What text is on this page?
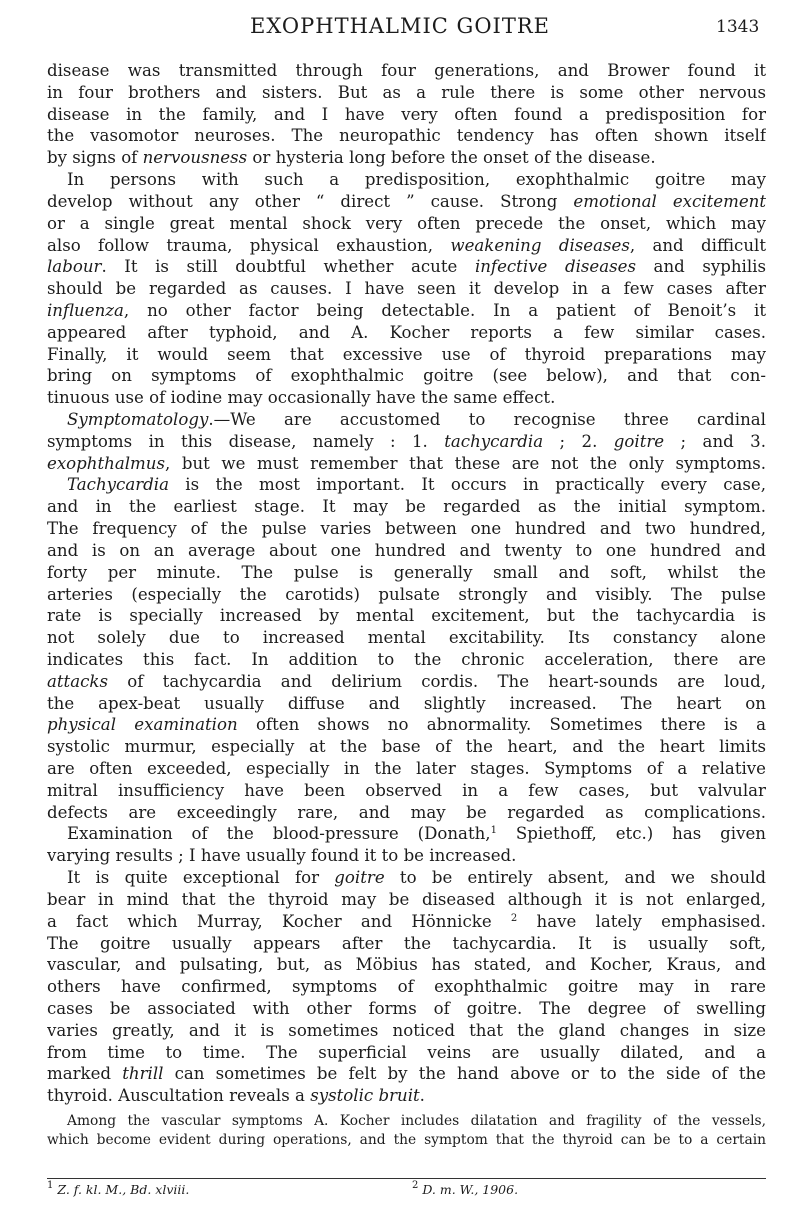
EXOPHTHALMIC GOITRE	1343
disease was transmitted through four generations, and Brower found it
in four brothers and sisters. But as a rule there is some other nervous
disease in the family, and I have very often found a predisposition for
the vasomotor neuroses. The neuropathic tendency has often shown itself
by signs of nervousness or hysteria long before the onset of the disease.
In persons with such a predisposition, exophthalmic goitre may
develop without any other “ direct ” cause. Strong emotional excitement
or a single great mental shock very often precede the onset, which may
also follow trauma, physical exhaustion, weakening diseases, and difficult
labour. It is still doubtful whether acute infective diseases and syphilis
should be regarded as causes. I have seen it develop in a few cases after
influenza, no other factor being detectable. In a patient of Benoit’s it
appeared after typhoid, and A. Kocher reports a few similar cases.
Finally, it would seem that excessive use of thyroid preparations may
bring on symptoms of exophthalmic goitre (see below), and that con-
tinuous use of iodine may occasionally have the same effect.
Symptomatology.—We are accustomed to recognise three cardinal
symptoms in this disease, namely : 1. tachycardia ; 2. goitre ; and 3.
exophthalmus, but we must remember that these are not the only symptoms.
Tachycardia is the most important. It occurs in practically every case,
and in the earliest stage. It may be regarded as the initial symptom.
The frequency of the pulse varies between one hundred and two hundred,
and is on an average about one hundred and twenty to one hundred and
forty per minute. The pulse is generally small and soft, whilst the
arteries (especially the carotids) pulsate strongly and visibly. The pulse
rate is specially increased by mental excitement, but the tachycardia is
not solely due to increased mental excitability. Its constancy alone
indicates this fact. In addition to the chronic acceleration, there are
attacks of tachycardia and delirium cordis. The heart-sounds are loud,
the apex-beat usually diffuse and slightly increased. The heart on
physical examination often shows no abnormality. Sometimes there is a
systolic murmur, especially at the base of the heart, and the heart limits
are often exceeded, especially in the later stages. Symptoms of a relative
mitral insufficiency have been observed in a few cases, but valvular
defects are exceedingly rare, and may be regarded as complications.
Examination of the blood-pressure (Donath,$^1$ Spiethoff, etc.) has given
varying results ; I have usually found it to be increased.
It is quite exceptional for goitre to be entirely absent, and we should
bear in mind that the thyroid may be diseased although it is not enlarged,
a fact which Murray, Kocher and Hönnicke $^2$ have lately emphasised.
The goitre usually appears after the tachycardia. It is usually soft,
vascular, and pulsating, but, as Möbius has stated, and Kocher, Kraus, and
others have confirmed, symptoms of exophthalmic goitre may in rare
cases be associated with other forms of goitre. The degree of swelling
varies greatly, and it is sometimes noticed that the gland changes in size
from time to time. The superficial veins are usually dilated, and a
marked thrill can sometimes be felt by the hand above or to the side of the
thyroid. Auscultation reveals a systolic bruit.
Among the vascular symptoms A. Kocher includes dilatation and fragility of the vessels,
which become evident during operations, and the symptom that the thyroid can be to a certain
$^1$ Z. f. kl. M., Bd. xlviii.	$^2$ D. m. W., 1906.
